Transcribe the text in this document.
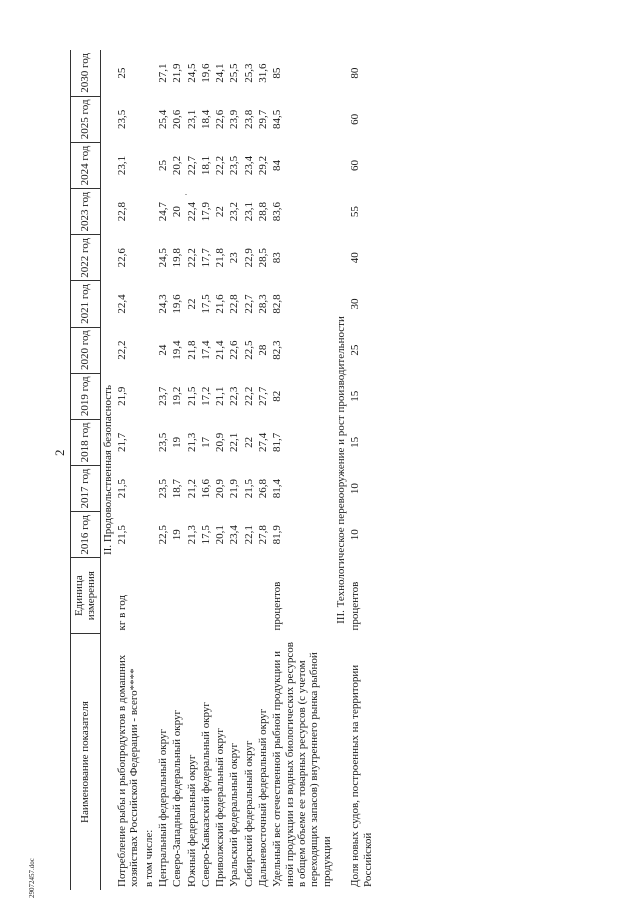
2
29072457.doc
Наименование показателя	Единица измерения	2016 год	2017 год	2018 год	2019 год	2020 год	2021 год	2022 год	2023 год	2024 год	2025 год	2030 год
II. Продовольственная безопасность												
Потребление рыбы и рыбопродуктов в домашних хозяйствах Российской Федерации - всего****	кг в год	21,5	21,5	21,7	21,9	22,2	22,4	22,6	22,8	23,1	23,5	25
в том числе:												
Центральный федеральный округ		22,5	23,5	23,5	23,7	24	24,3	24,5	24,7	25	25,4	27,1
Северо-Западный федеральный округ		19	18,7	19	19,2	19,4	19,6	19,8	20	20,2	20,6	21,9
Южный федеральный округ		21,3	21,2	21,3	21,5	21,8	22	22,2	22,4	22,7	23,1	24,5
Северо-Кавказский федеральный округ		17,5	16,6	17	17,2	17,4	17,5	17,7	17,9	18,1	18,4	19,6
Приволжский федеральный округ		20,1	20,9	20,9	21,1	21,4	21,6	21,8	22	22,2	22,6	24,1
Уральский федеральный округ		23,4	21,9	22,1	22,3	22,6	22,8	23	23,2	23,5	23,9	25,5
Сибирский федеральный округ		22,1	21,5	22	22,2	22,5	22,7	22,9	23,1	23,4	23,8	25,3
Дальневосточный федеральный округ		27,8	26,8	27,4	27,7	28	28,3	28,5	28,8	29,2	29,7	31,6
Удельный вес отечественной рыбной продукции и иной продукции из водных биологических ресурсов в общем объеме ее товарных ресурсов (с учетом переходящих запасов) внутреннего рынка рыбной продукции	процентов	81,9	81,4	81,7	82	82,3	82,8	83	83,6	84	84,5	85
III. Технологическое перевооружение и рост производительности												
Доля новых судов, построенных на территории Российской	процентов	10	10	15	15	25	30	40	55	60	60	80
.
